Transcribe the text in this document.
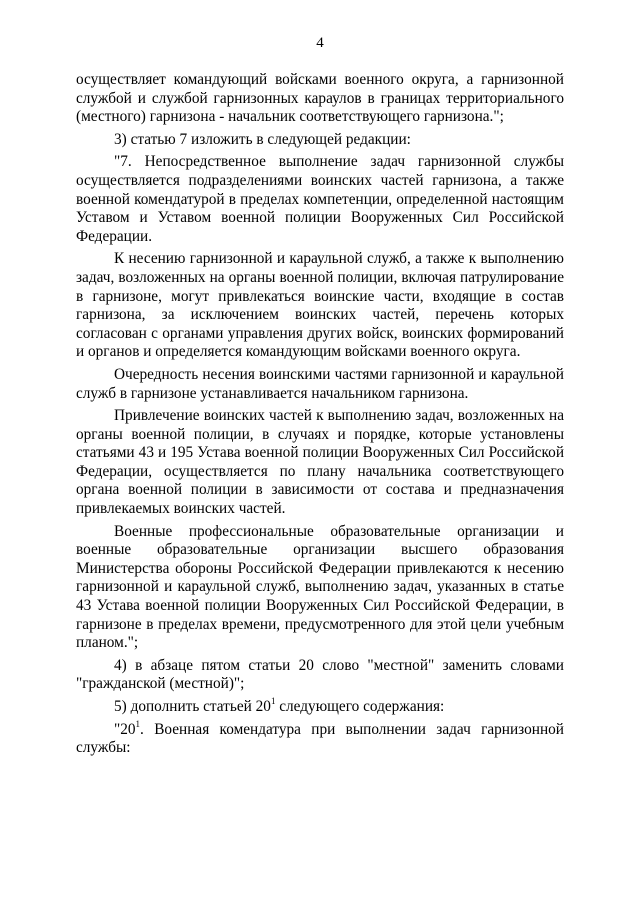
4

осуществляет командующий войсками военного округа, а гарнизонной службой и службой гарнизонных караулов в границах территориального (местного) гарнизона - начальник соответствующего гарнизона.";

3) статью 7 изложить в следующей редакции:

"7. Непосредственное выполнение задач гарнизонной службы осуществляется подразделениями воинских частей гарнизона, а также военной комендатурой в пределах компетенции, определенной настоящим Уставом и Уставом военной полиции Вооруженных Сил Российской Федерации.

К несению гарнизонной и караульной служб, а также к выполнению задач, возложенных на органы военной полиции, включая патрулирование в гарнизоне, могут привлекаться воинские части, входящие в состав гарнизона, за исключением воинских частей, перечень которых согласован с органами управления других войск, воинских формирований и органов и определяется командующим войсками военного округа.

Очередность несения воинскими частями гарнизонной и караульной служб в гарнизоне устанавливается начальником гарнизона.

Привлечение воинских частей к выполнению задач, возложенных на органы военной полиции, в случаях и порядке, которые установлены статьями 43 и 195 Устава военной полиции Вооруженных Сил Российской Федерации, осуществляется по плану начальника соответствующего органа военной полиции в зависимости от состава и предназначения привлекаемых воинских частей.

Военные профессиональные образовательные организации и военные образовательные организации высшего образования Министерства обороны Российской Федерации привлекаются к несению гарнизонной и караульной служб, выполнению задач, указанных в статье 43 Устава военной полиции Вооруженных Сил Российской Федерации, в гарнизоне в пределах времени, предусмотренного для этой цели учебным планом.";

4) в абзаце пятом статьи 20 слово "местной" заменить словами "гражданской (местной)";

5) дополнить статьей $20^1$ следующего содержания:

"$20^1$. Военная комендатура при выполнении задач гарнизонной службы:
